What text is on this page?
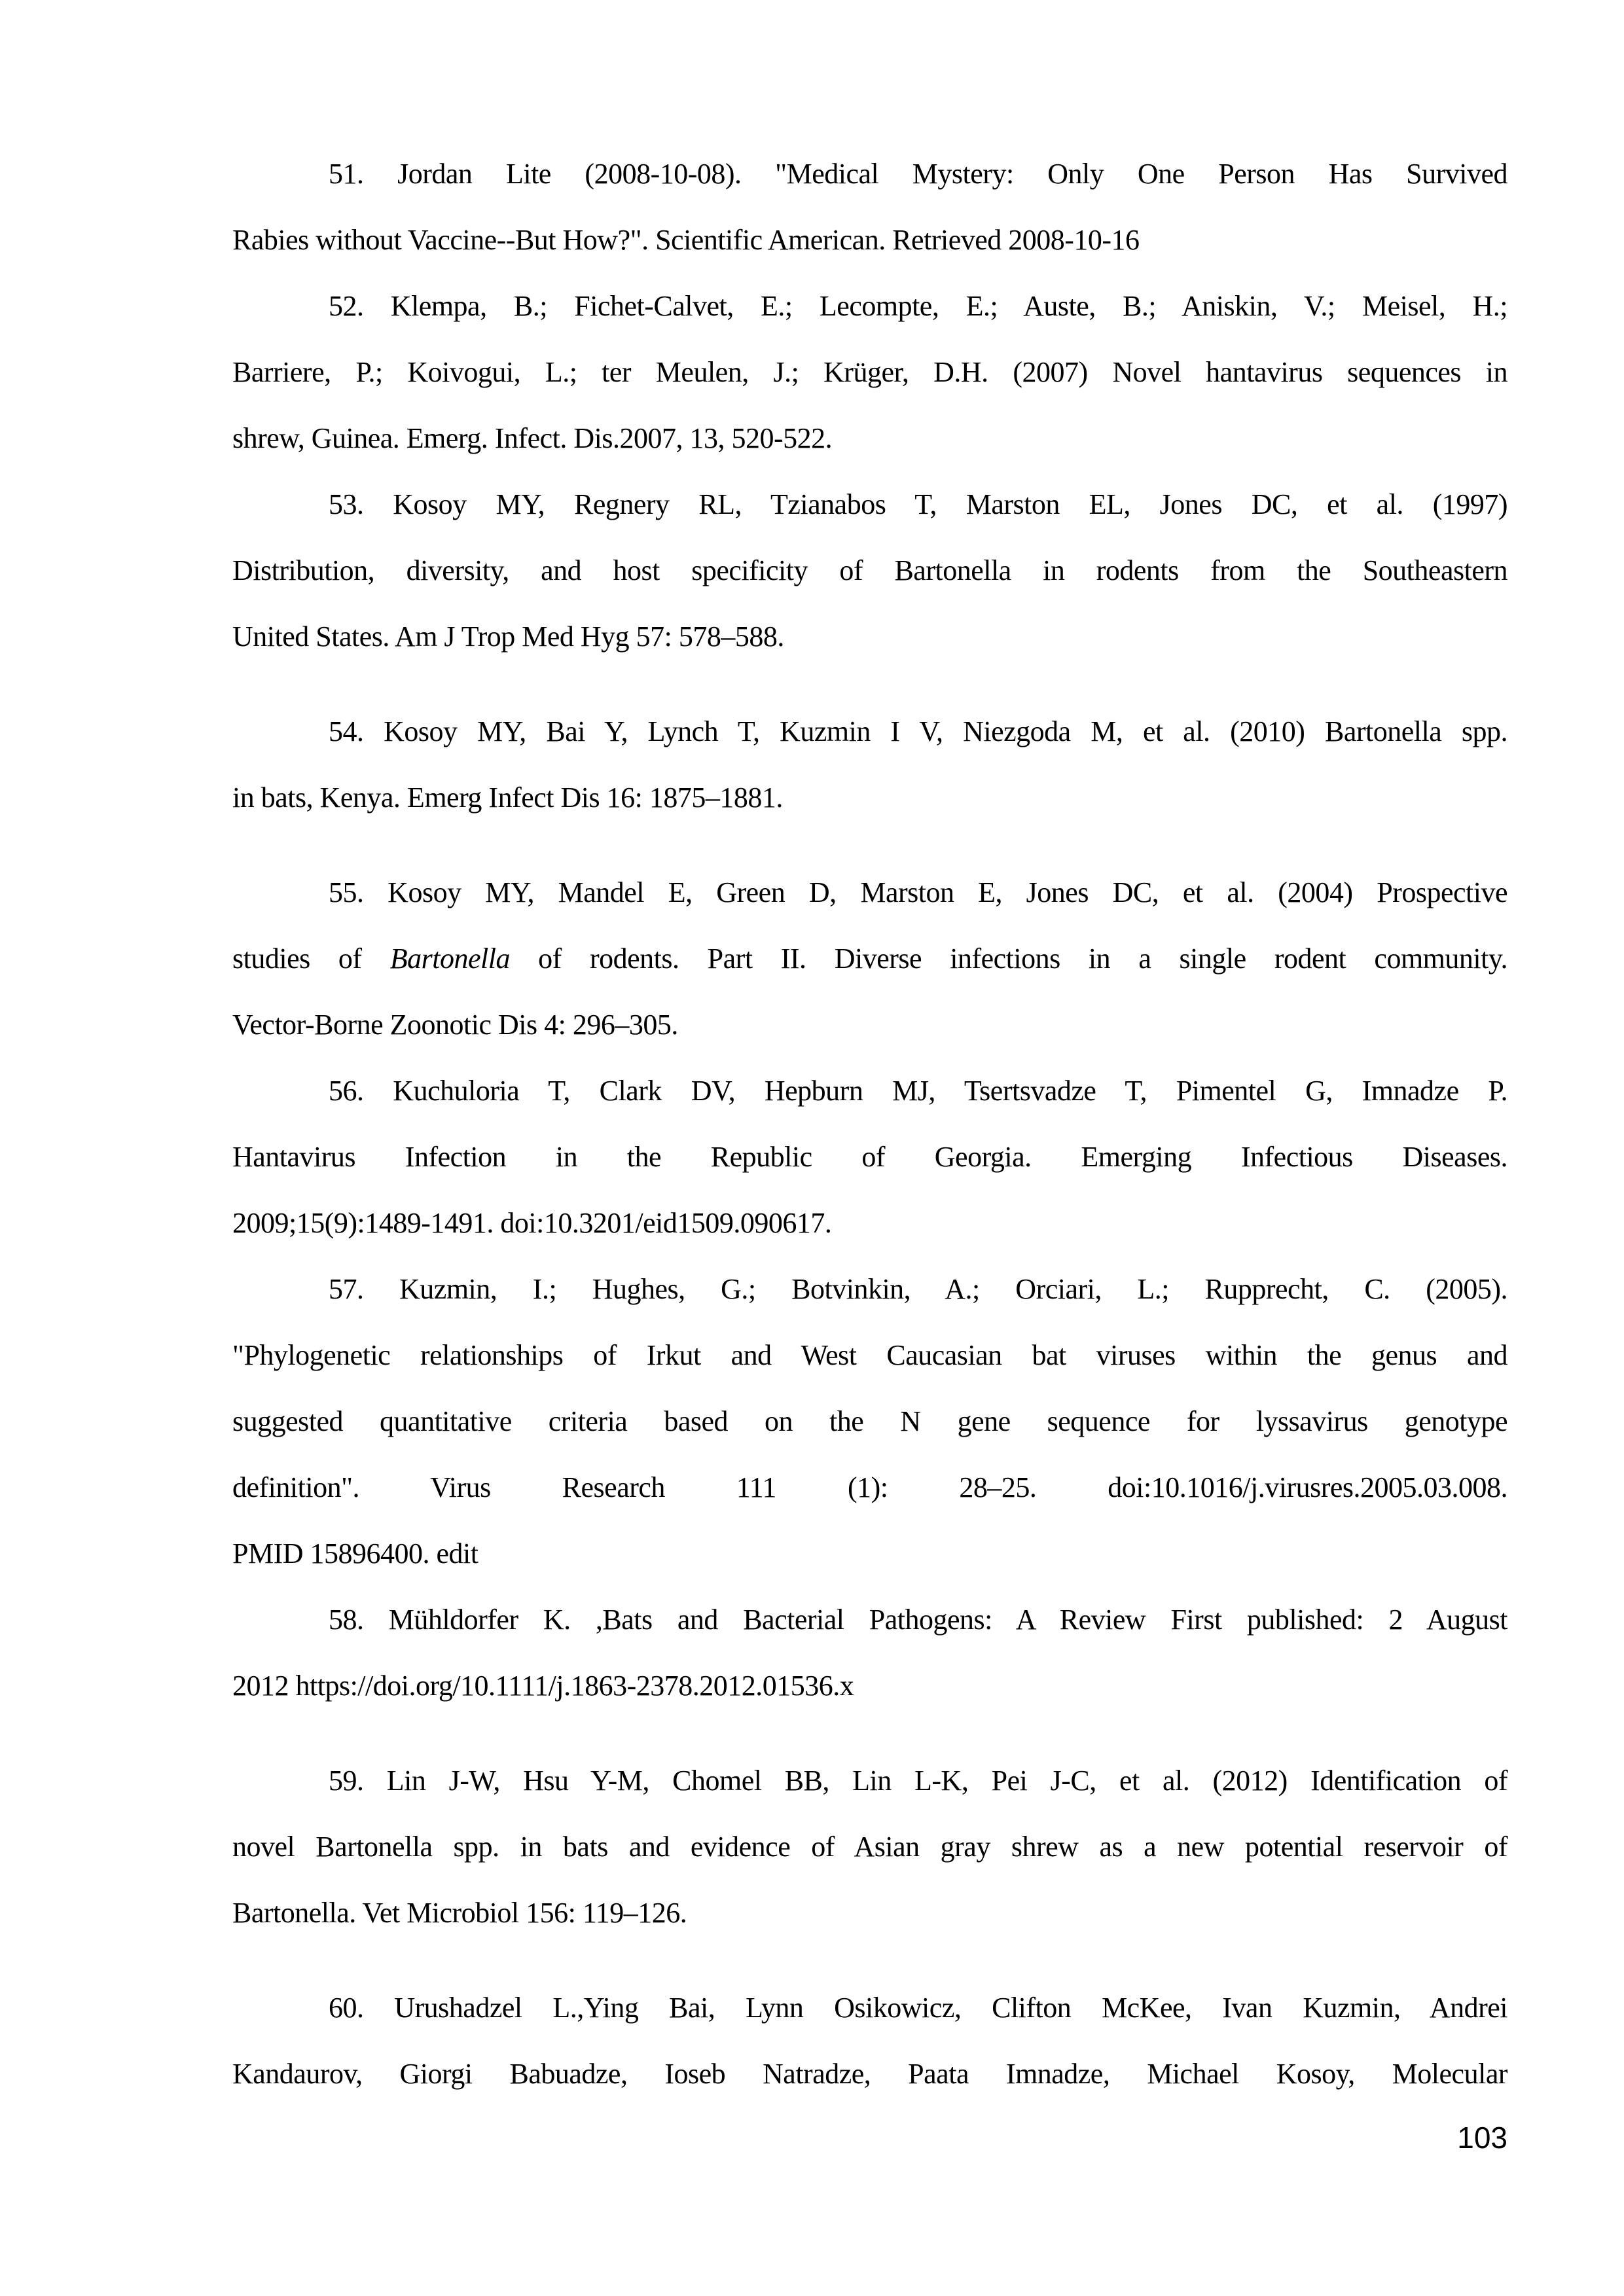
51. Jordan Lite (2008-10-08). "Medical Mystery: Only One Person Has Survived
Rabies without Vaccine--But How?". Scientific American. Retrieved 2008-10-16
52. Klempa, B.; Fichet-Calvet, E.; Lecompte, E.; Auste, B.; Aniskin, V.; Meisel, H.;
Barriere, P.; Koivogui, L.; ter Meulen, J.; Krüger, D.H. (2007) Novel hantavirus sequences in
shrew, Guinea. Emerg. Infect. Dis.2007, 13, 520-522.
53. Kosoy MY, Regnery RL, Tzianabos T, Marston EL, Jones DC, et al. (1997)
Distribution, diversity, and host specificity of Bartonella in rodents from the Southeastern
United States. Am J Trop Med Hyg 57: 578–588.
54. Kosoy MY, Bai Y, Lynch T, Kuzmin I V, Niezgoda M, et al. (2010) Bartonella spp.
in bats, Kenya. Emerg Infect Dis 16: 1875–1881.
55. Kosoy MY, Mandel E, Green D, Marston E, Jones DC, et al. (2004) Prospective
studies of Bartonella of rodents. Part II. Diverse infections in a single rodent community.
Vector-Borne Zoonotic Dis 4: 296–305.
56. Kuchuloria T, Clark DV, Hepburn MJ, Tsertsvadze T, Pimentel G, Imnadze P.
Hantavirus Infection in the Republic of Georgia. Emerging Infectious Diseases.
2009;15(9):1489-1491. doi:10.3201/eid1509.090617.
57. Kuzmin, I.; Hughes, G.; Botvinkin, A.; Orciari, L.; Rupprecht, C. (2005).
"Phylogenetic relationships of Irkut and West Caucasian bat viruses within the genus and
suggested quantitative criteria based on the N gene sequence for lyssavirus genotype
definition". Virus Research 111 (1): 28–25. doi:10.1016/j.virusres.2005.03.008.
PMID 15896400. edit
58. Mühldorfer K. ,Bats and Bacterial Pathogens: A Review First published: 2 August
2012 https://doi.org/10.1111/j.1863-2378.2012.01536.x
59. Lin J-W, Hsu Y-M, Chomel BB, Lin L-K, Pei J-C, et al. (2012) Identification of
novel Bartonella spp. in bats and evidence of Asian gray shrew as a new potential reservoir of
Bartonella. Vet Microbiol 156: 119–126.
60. Urushadzel L.,Ying Bai, Lynn Osikowicz, Clifton McKee, Ivan Kuzmin, Andrei
Kandaurov, Giorgi Babuadze, Ioseb Natradze, Paata Imnadze, Michael Kosoy, Molecular
103
